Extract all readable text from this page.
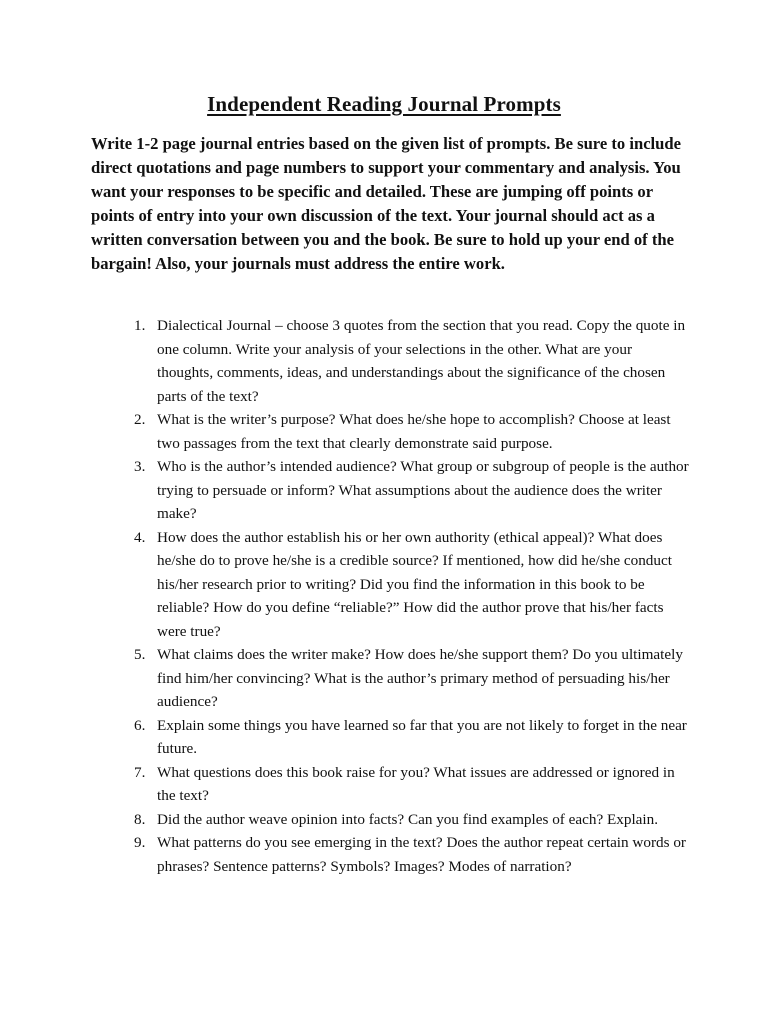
Independent Reading Journal Prompts

Write 1-2 page journal entries based on the given list of prompts. Be sure to include direct quotations and page numbers to support your commentary and analysis. You want your responses to be specific and detailed. These are jumping off points or points of entry into your own discussion of the text. Your journal should act as a written conversation between you and the book. Be sure to hold up your end of the bargain! Also, your journals must address the entire work.

1. Dialectical Journal – choose 3 quotes from the section that you read. Copy the quote in one column. Write your analysis of your selections in the other. What are your thoughts, comments, ideas, and understandings about the significance of the chosen parts of the text?
2. What is the writer’s purpose? What does he/she hope to accomplish? Choose at least two passages from the text that clearly demonstrate said purpose.
3. Who is the author’s intended audience? What group or subgroup of people is the author trying to persuade or inform? What assumptions about the audience does the writer make?
4. How does the author establish his or her own authority (ethical appeal)? What does he/she do to prove he/she is a credible source? If mentioned, how did he/she conduct his/her research prior to writing? Did you find the information in this book to be reliable? How do you define “reliable?” How did the author prove that his/her facts were true?
5. What claims does the writer make? How does he/she support them? Do you ultimately find him/her convincing? What is the author’s primary method of persuading his/her audience?
6. Explain some things you have learned so far that you are not likely to forget in the near future.
7. What questions does this book raise for you? What issues are addressed or ignored in the text?
8. Did the author weave opinion into facts? Can you find examples of each? Explain.
9. What patterns do you see emerging in the text? Does the author repeat certain words or phrases? Sentence patterns? Symbols? Images? Modes of narration?
